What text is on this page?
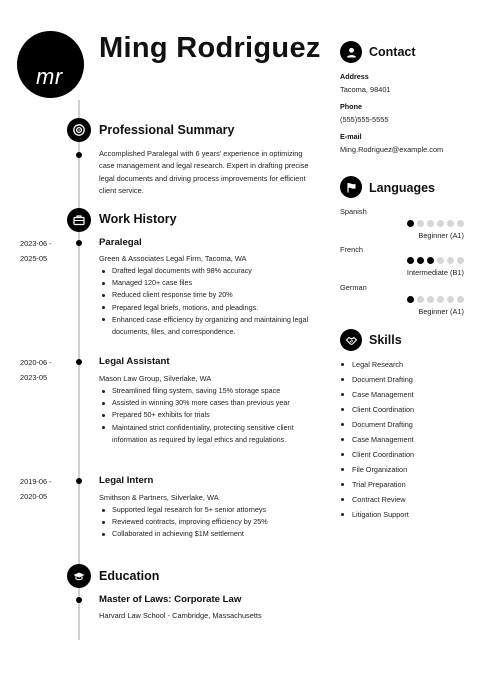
mr
Ming Rodriguez
Professional Summary
Accomplished Paralegal with 6 years' experience in optimizing case management and legal research. Expert in drafting precise legal documents and driving process improvements for efficient client service.
Work History
2023-06 -
2025-05
Paralegal
Green & Associates Legal Firm, Tacoma, WA
Drafted legal documents with 98% accuracy
Managed 120+ case files
Reduced client response time by 20%
Prepared legal briefs, motions, and pleadings.
Enhanced case efficiency by organizing and maintaining legal documents, files, and correspondence.
2020-06 -
2023-05
Legal Assistant
Mason Law Group, Silverlake, WA
Streamlined filing system, saving 15% storage space
Assisted in winning 30% more cases than previous year
Prepared 50+ exhibits for trials
Maintained strict confidentiality, protecting sensitive client information as required by legal ethics and regulations.
2019-06 -
2020-05
Legal Intern
Smithson & Partners, Silverlake, WA
Supported legal research for 5+ senior attorneys
Reviewed contracts, improving efficiency by 25%
Collaborated in achieving $1M settlement
Education
Master of Laws: Corporate Law
Harvard Law School - Cambridge, Massachusetts
Contact
Address
Tacoma, 98401
Phone
(555)555-5555
E-mail
Ming.Rodriguez@example.com
Languages
Spanish
Beginner (A1)
French
Intermediate (B1)
German
Beginner (A1)
Skills
Legal Research
Document Drafting
Case Management
Client Coordination
Document Drafting
Case Management
Client Coordination
File Organization
Trial Preparation
Contract Review
Litigation Support
